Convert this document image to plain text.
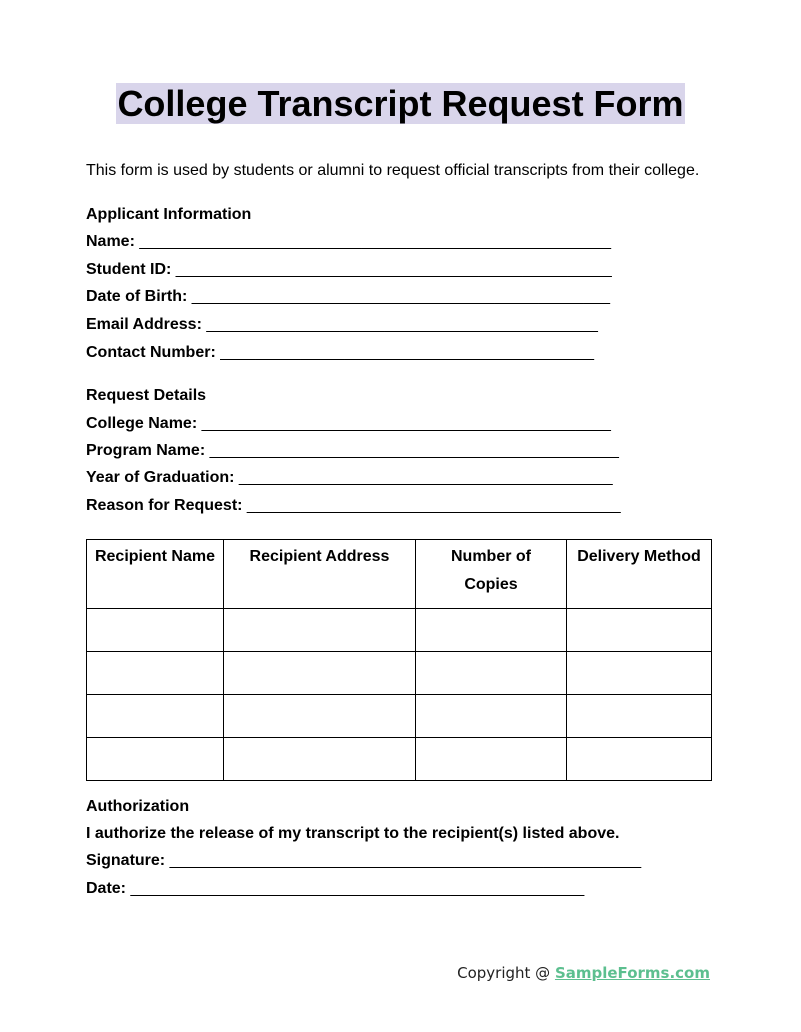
College Transcript Request Form
This form is used by students or alumni to request official transcripts from their college.
Applicant Information
Name: _____________________________________________________
Student ID: _________________________________________________
Date of Birth: _______________________________________________
Email Address: ____________________________________________
Contact Number: __________________________________________
Request Details
College Name: ______________________________________________
Program Name: ______________________________________________
Year of Graduation: __________________________________________
Reason for Request: __________________________________________
Recipient Name	Recipient Address	Number of Copies	Delivery Method

Authorization
I authorize the release of my transcript to the recipient(s) listed above.
Signature: _____________________________________________________
Date: ___________________________________________________
Copyright @ SampleForms.com
